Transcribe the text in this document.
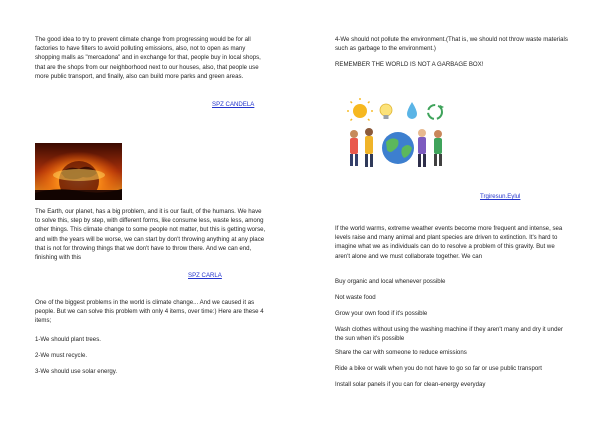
The good idea to try to prevent climate change from progressing would be for all factories to have filters to avoid polluting emissions, also, not to open as many shopping malls as "mercadona" and in exchange for that, people buy in local shops, that are the shops from our neighborhood next to our houses, also, that people use more public transport, and finally, also can build more parks and green areas.

SPZ CANDELA

The Earth, our planet, has a big problem, and it is our fault, of the humans. We have to solve this, step by step, with different forms, like consume less, waste less, among other things. This climate change to some people not matter, but this is getting worse, and with the years will be worse, we can start by don't throwing anything at any place that is not for throwing things that we don't have to throw there. And we can end, finishing with this

SPZ CARLA

One of the biggest problems in the world is climate change... And we caused it as people. But we can solve this problem with only 4 items, over time:) Here are these 4 items;

1-We should plant trees.

2-We must recycle.

3-We should use solar energy.

4-We should not pollute the environment.(That is, we should not throw waste materials such as garbage to the environment.)

REMEMBER THE WORLD IS NOT A GARBAGE BOX!

Trgiresun.Eylul

If the world warms, extreme weather events become more frequent and intense, sea levels raise and many animal and plant species are driven to extinction. It's hard to imagine what we as individuals can do to resolve a problem of this gravity. But we aren't alone and we must collaborate together. We can

Buy organic and local whenever possible

Not waste food

Grow your own food if it's possible

Wash clothes without using the washing machine if they aren't many and dry it under the sun when it's possible

Share the car with someone to reduce emissions

Ride a bike or walk when you do not have to go so far or use public transport

Install solar panels if you can for clean-energy everyday
